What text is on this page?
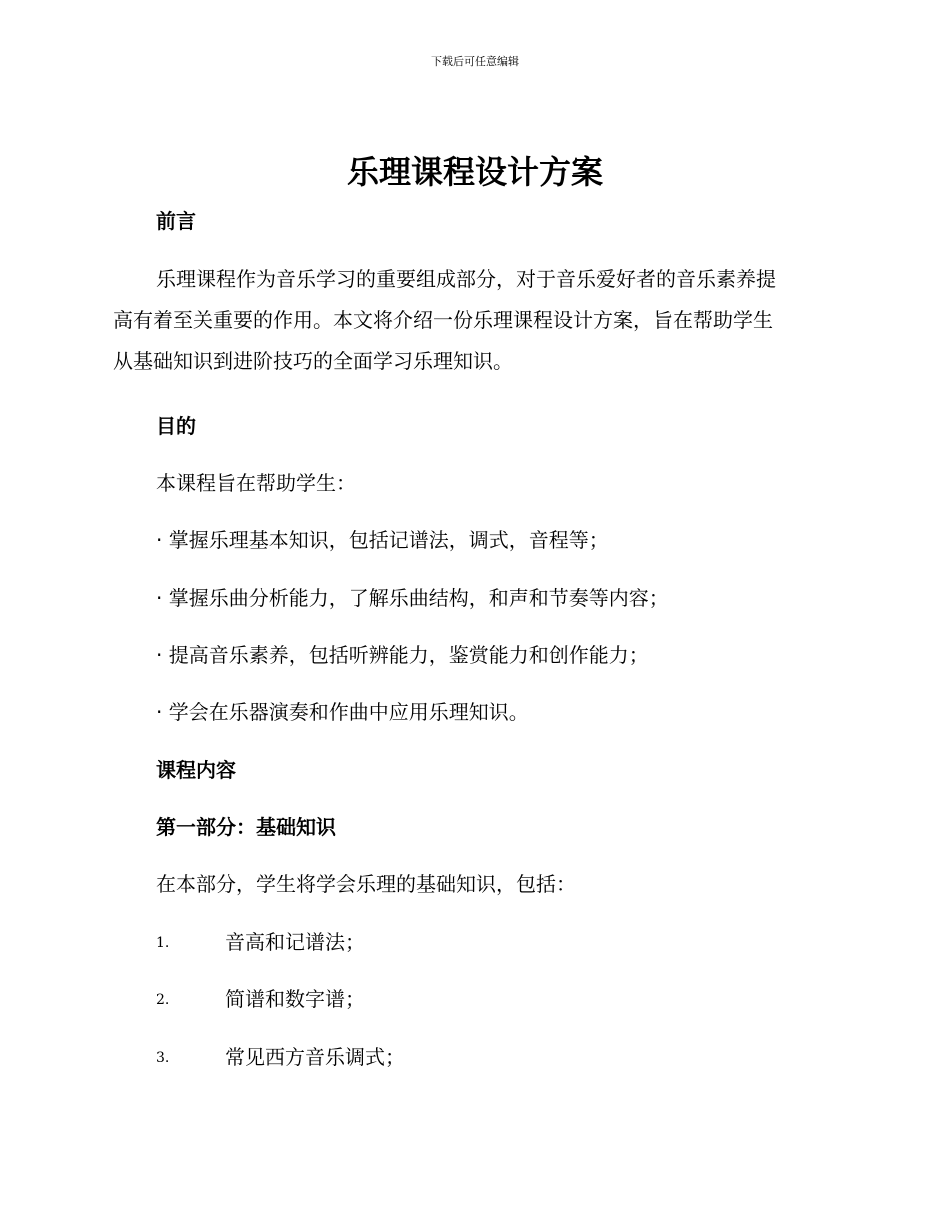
下载后可任意编辑
乐理课程设计方案
前言
乐理课程作为音乐学习的重要组成部分，对于音乐爱好者的音乐素养提
高有着至关重要的作用。本文将介绍一份乐理课程设计方案，旨在帮助学生
从基础知识到进阶技巧的全面学习乐理知识。
目的

本课程旨在帮助学生：

· 掌握乐理基本知识，包括记谱法，调式，音程等；

· 掌握乐曲分析能力，了解乐曲结构，和声和节奏等内容；

· 提高音乐素养，包括听辨能力，鉴赏能力和创作能力；

· 学会在乐器演奏和作曲中应用乐理知识。

课程内容
第一部分：基础知识

在本部分，学生将学会乐理的基础知识，包括：

1.	音高和记谱法；
2.	简谱和数字谱；
3.	常见西方音乐调式；
